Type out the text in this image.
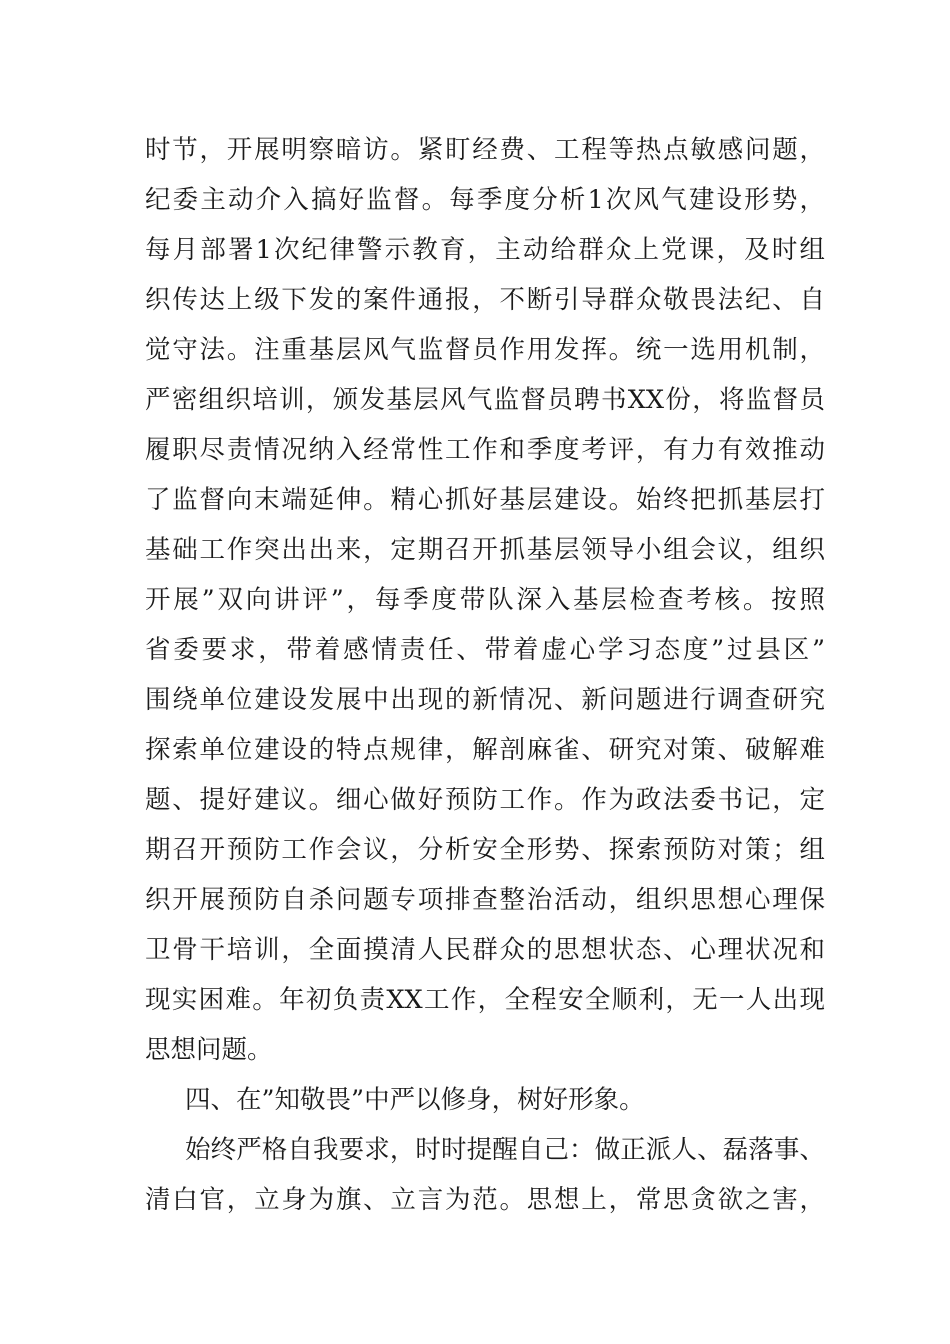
时节，开展明察暗访。紧盯经费、工程等热点敏感问题，
纪委主动介入搞好监督。每季度分析1次风气建设形势，
每月部署1次纪律警示教育，主动给群众上党课，及时组
织传达上级下发的案件通报，不断引导群众敬畏法纪、自
觉守法。注重基层风气监督员作用发挥。统一选用机制，
严密组织培训，颁发基层风气监督员聘书XX份，将监督员
履职尽责情况纳入经常性工作和季度考评，有力有效推动
了监督向末端延伸。精心抓好基层建设。始终把抓基层打
基础工作突出出来，定期召开抓基层领导小组会议，组织
开展”双向讲评”，每季度带队深入基层检查考核。按照
省委要求，带着感情责任、带着虚心学习态度”过县区”
围绕单位建设发展中出现的新情况、新问题进行调查研究
探索单位建设的特点规律，解剖麻雀、研究对策、破解难
题、提好建议。细心做好预防工作。作为政法委书记，定
期召开预防工作会议，分析安全形势、探索预防对策；组
织开展预防自杀问题专项排查整治活动，组织思想心理保
卫骨干培训，全面摸清人民群众的思想状态、心理状况和
现实困难。年初负责XX工作，全程安全顺利，无一人出现
思想问题。
四、在”知敬畏”中严以修身，树好形象。
始终严格自我要求，时时提醒自己：做正派人、磊落事、
清白官，立身为旗、立言为范。思想上，常思贪欲之害，
